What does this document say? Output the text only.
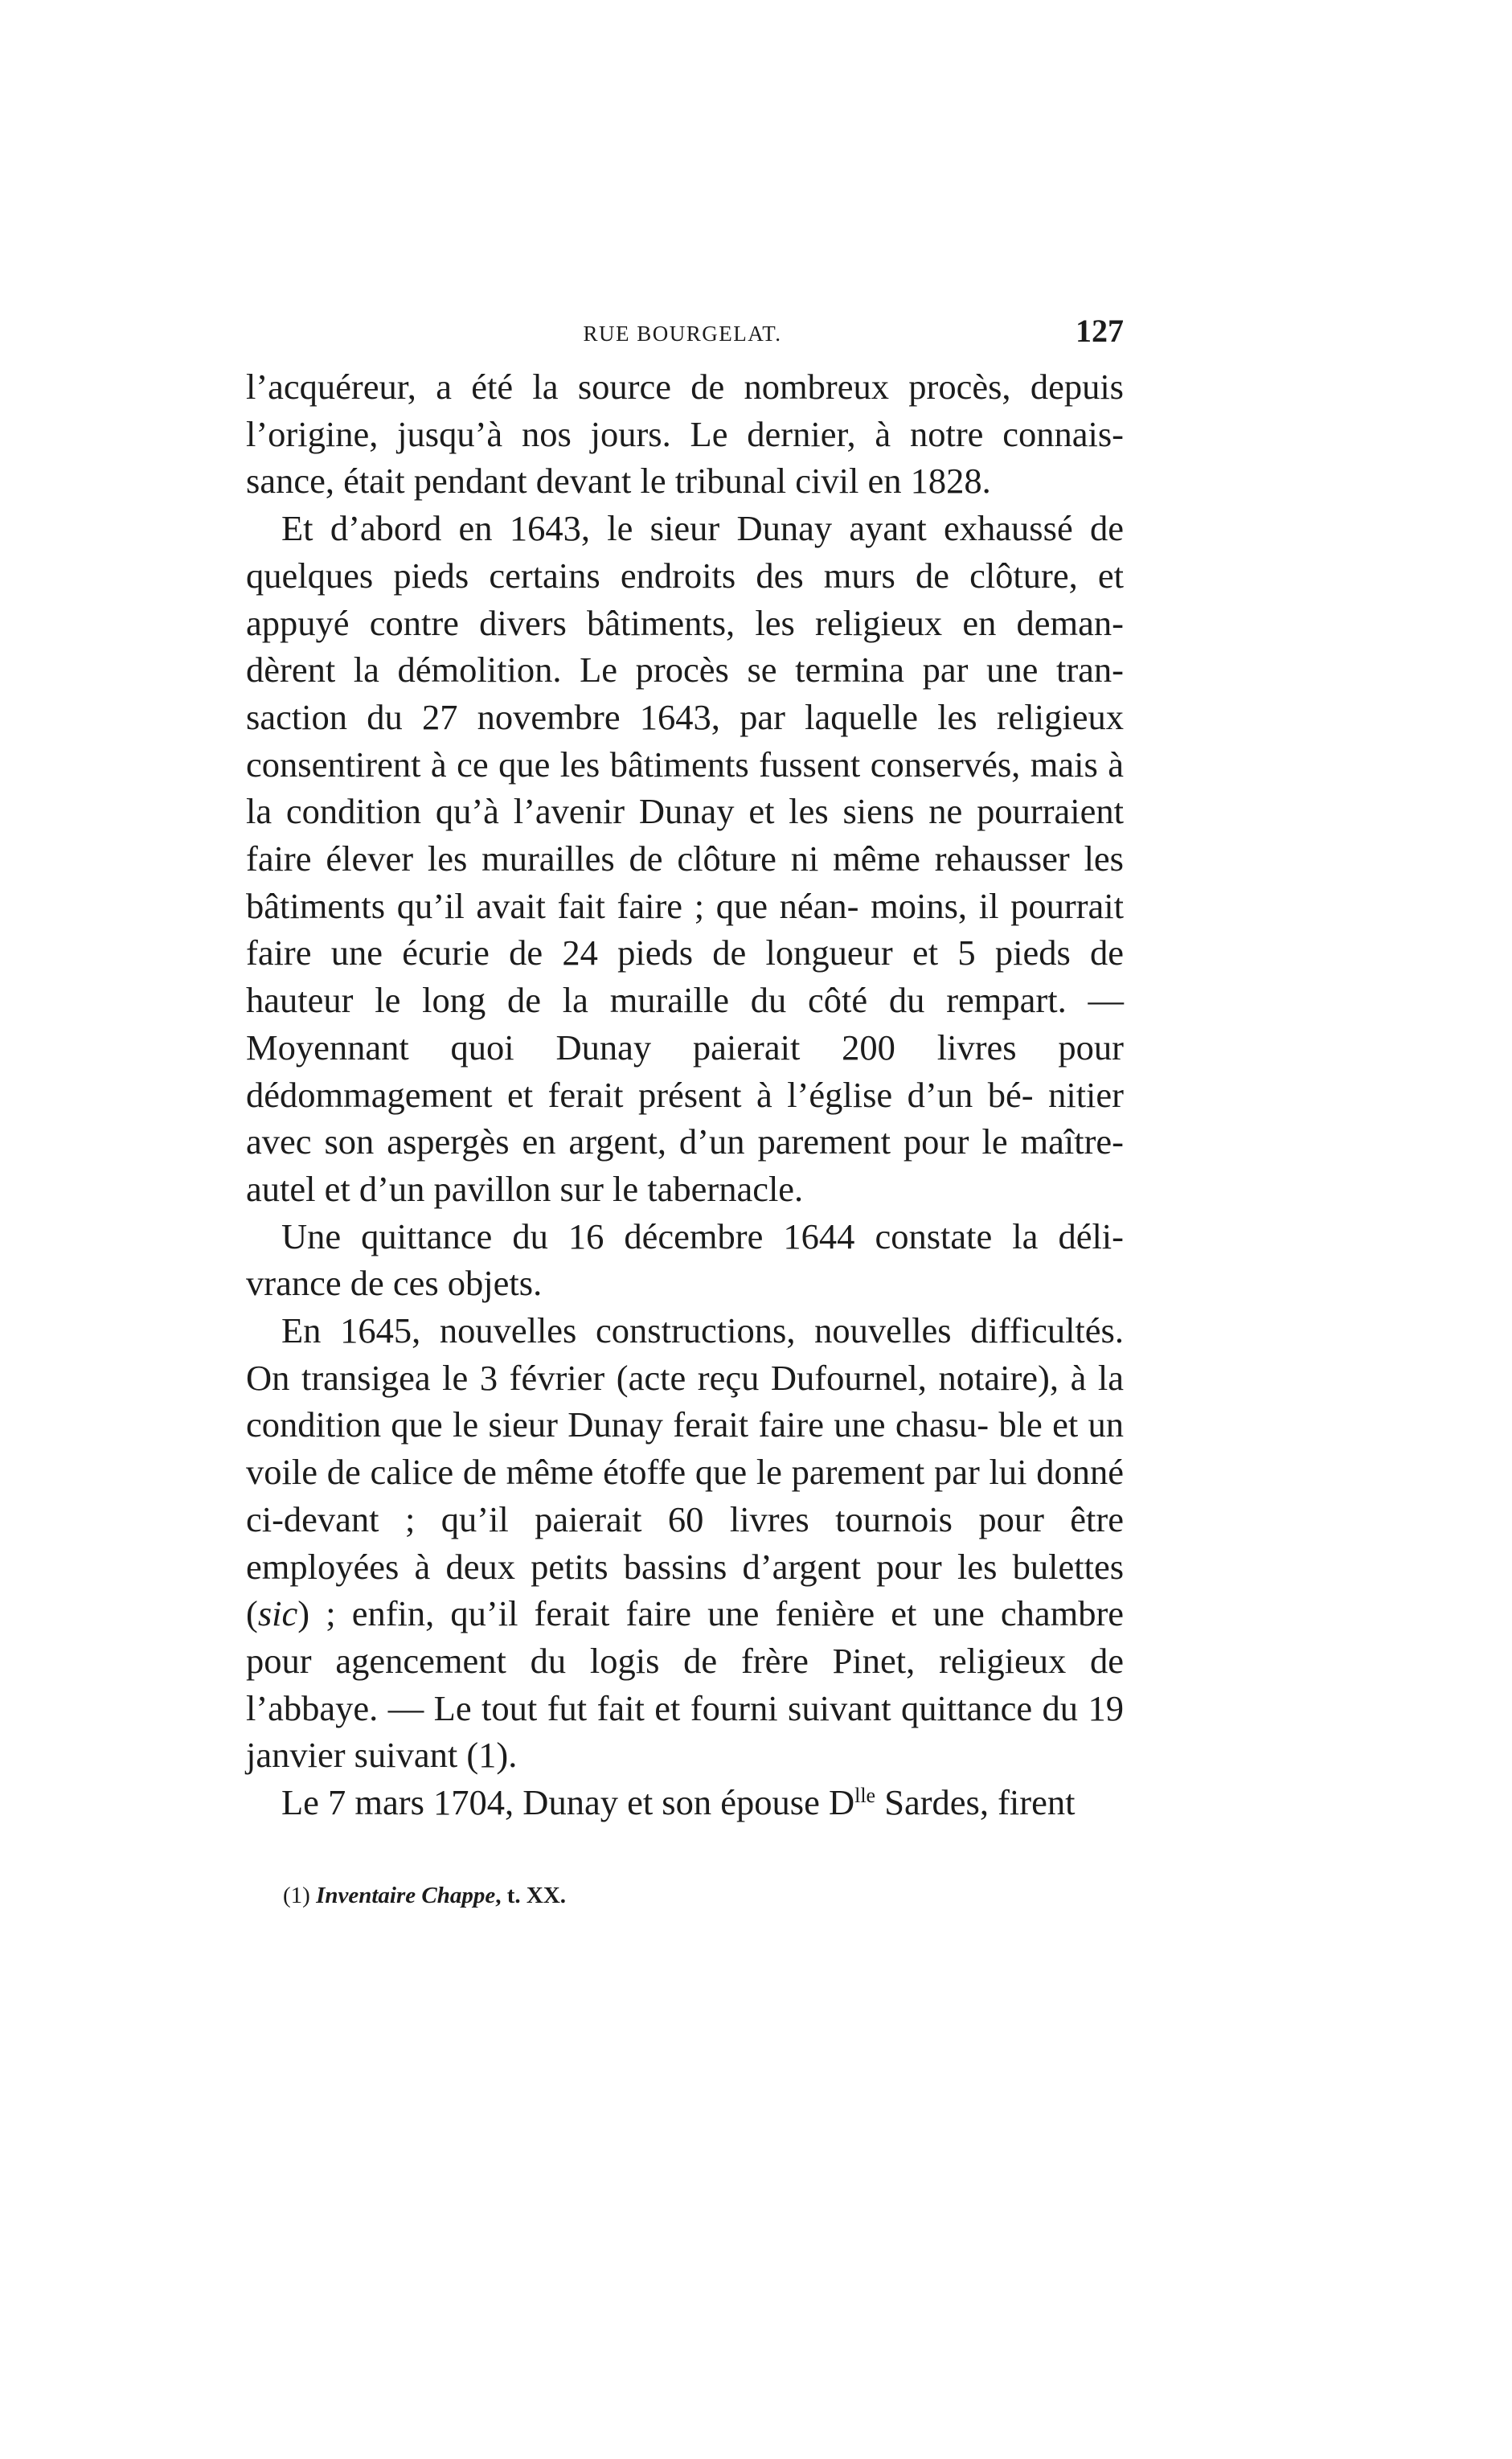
RUE BOURGELAT.	127

l’acquéreur, a été la source de nombreux procès, depuis l’origine, jusqu’à nos jours. Le dernier, à notre connais- sance, était pendant devant le tribunal civil en 1828.

Et d’abord en 1643, le sieur Dunay ayant exhaussé de quelques pieds certains endroits des murs de clôture, et appuyé contre divers bâtiments, les religieux en deman- dèrent la démolition. Le procès se termina par une tran- saction du 27 novembre 1643, par laquelle les religieux consentirent à ce que les bâtiments fussent conservés, mais à la condition qu’à l’avenir Dunay et les siens ne pourraient faire élever les murailles de clôture ni même rehausser les bâtiments qu’il avait fait faire ; que néan- moins, il pourrait faire une écurie de 24 pieds de longueur et 5 pieds de hauteur le long de la muraille du côté du rempart. — Moyennant quoi Dunay paierait 200 livres pour dédommagement et ferait présent à l’église d’un bé- nitier avec son aspergès en argent, d’un parement pour le maître-autel et d’un pavillon sur le tabernacle.

Une quittance du 16 décembre 1644 constate la déli- vrance de ces objets.

En 1645, nouvelles constructions, nouvelles difficultés. On transigea le 3 février (acte reçu Dufournel, notaire), à la condition que le sieur Dunay ferait faire une chasu- ble et un voile de calice de même étoffe que le parement par lui donné ci-devant ; qu’il paierait 60 livres tournois pour être employées à deux petits bassins d’argent pour les bulettes (sic) ; enfin, qu’il ferait faire une fenière et une chambre pour agencement du logis de frère Pinet, religieux de l’abbaye. — Le tout fut fait et fourni suivant quittance du 19 janvier suivant (1).

Le 7 mars 1704, Dunay et son épouse $D^{lle}$ Sardes, firent

(1) Inventaire Chappe, t. XX.
